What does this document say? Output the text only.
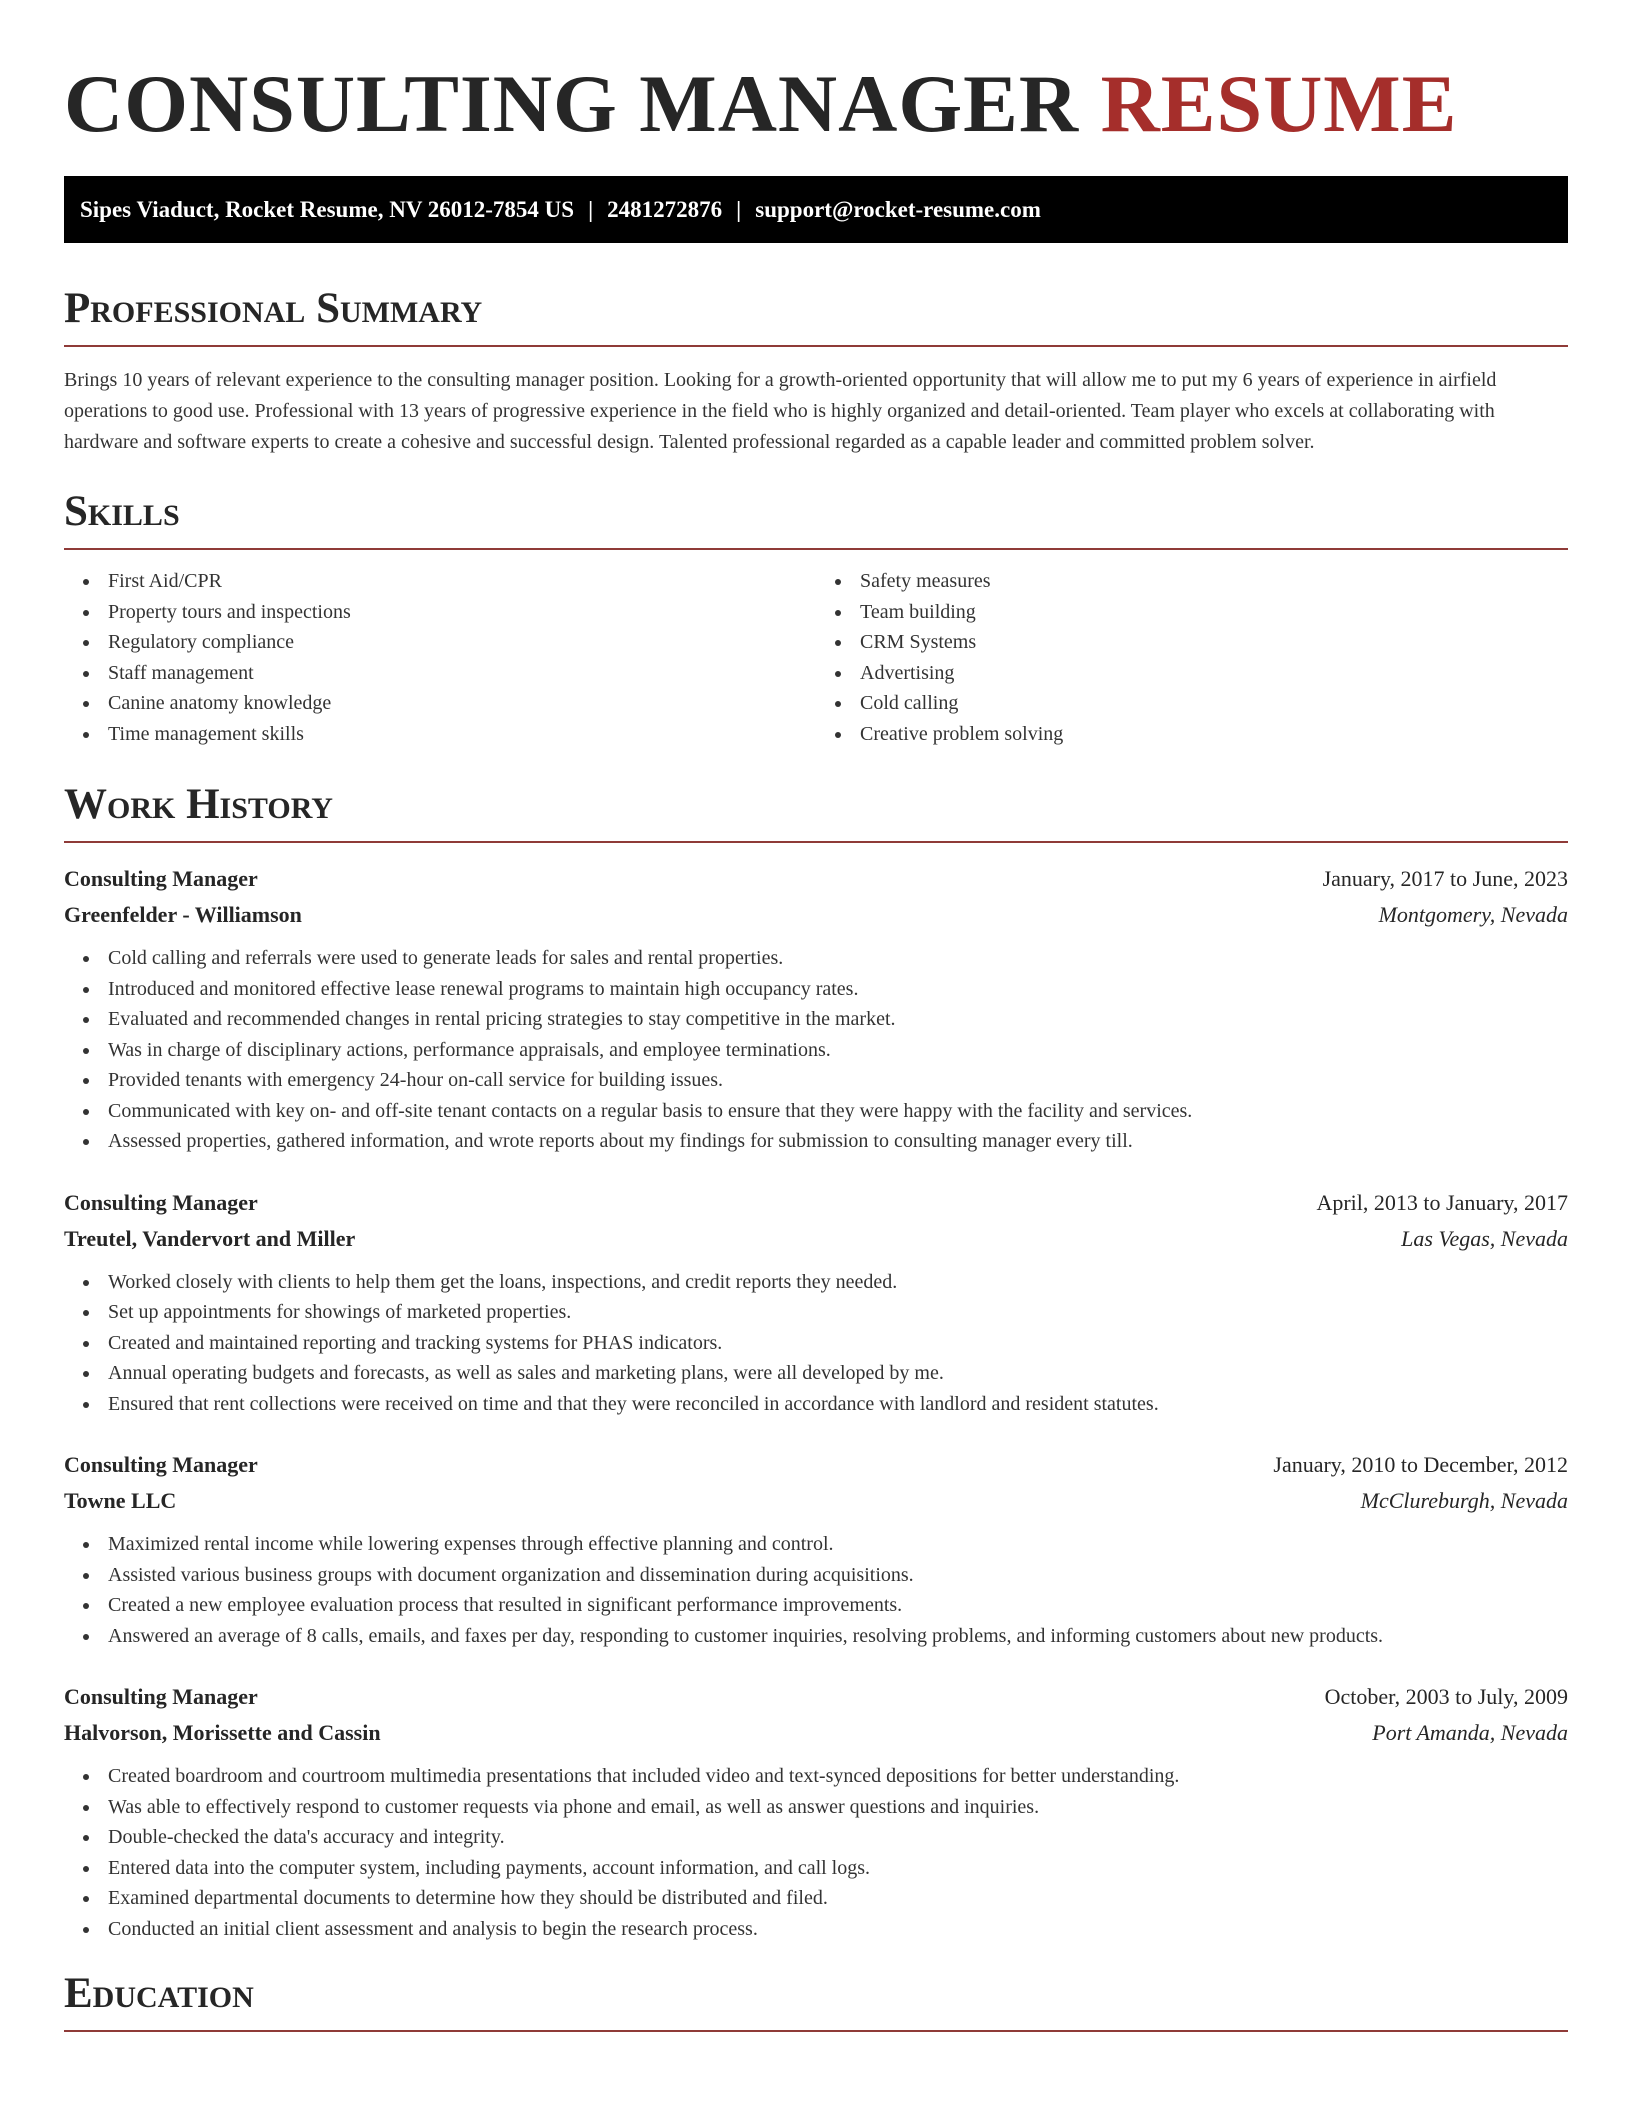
CONSULTING MANAGER RESUME
Sipes Viaduct, Rocket Resume, NV 26012-7854 US | 2481272876 | support@rocket-resume.com
Professional Summary

Brings 10 years of relevant experience to the consulting manager position. Looking for a growth-oriented opportunity that will allow me to put my 6 years of experience in airfield operations to good use. Professional with 13 years of progressive experience in the field who is highly organized and detail-oriented. Team player who excels at collaborating with hardware and software experts to create a cohesive and successful design. Talented professional regarded as a capable leader and committed problem solver.

Skills
First Aid/CPR
Property tours and inspections
Regulatory compliance
Staff management
Canine anatomy knowledge
Time management skills
Safety measures
Team building
CRM Systems
Advertising
Cold calling
Creative problem solving
Work History
Consulting Manager	January, 2017 to June, 2023
Greenfelder - Williamson	Montgomery, Nevada
Cold calling and referrals were used to generate leads for sales and rental properties.
Introduced and monitored effective lease renewal programs to maintain high occupancy rates.
Evaluated and recommended changes in rental pricing strategies to stay competitive in the market.
Was in charge of disciplinary actions, performance appraisals, and employee terminations.
Provided tenants with emergency 24-hour on-call service for building issues.
Communicated with key on- and off-site tenant contacts on a regular basis to ensure that they were happy with the facility and services.
Assessed properties, gathered information, and wrote reports about my findings for submission to consulting manager every till.
Consulting Manager	April, 2013 to January, 2017
Treutel, Vandervort and Miller	Las Vegas, Nevada
Worked closely with clients to help them get the loans, inspections, and credit reports they needed.
Set up appointments for showings of marketed properties.
Created and maintained reporting and tracking systems for PHAS indicators.
Annual operating budgets and forecasts, as well as sales and marketing plans, were all developed by me.
Ensured that rent collections were received on time and that they were reconciled in accordance with landlord and resident statutes.
Consulting Manager	January, 2010 to December, 2012
Towne LLC	McClureburgh, Nevada
Maximized rental income while lowering expenses through effective planning and control.
Assisted various business groups with document organization and dissemination during acquisitions.
Created a new employee evaluation process that resulted in significant performance improvements.
Answered an average of 8 calls, emails, and faxes per day, responding to customer inquiries, resolving problems, and informing customers about new products.
Consulting Manager	October, 2003 to July, 2009
Halvorson, Morissette and Cassin	Port Amanda, Nevada
Created boardroom and courtroom multimedia presentations that included video and text-synced depositions for better understanding.
Was able to effectively respond to customer requests via phone and email, as well as answer questions and inquiries.
Double-checked the data's accuracy and integrity.
Entered data into the computer system, including payments, account information, and call logs.
Examined departmental documents to determine how they should be distributed and filed.
Conducted an initial client assessment and analysis to begin the research process.
Education
